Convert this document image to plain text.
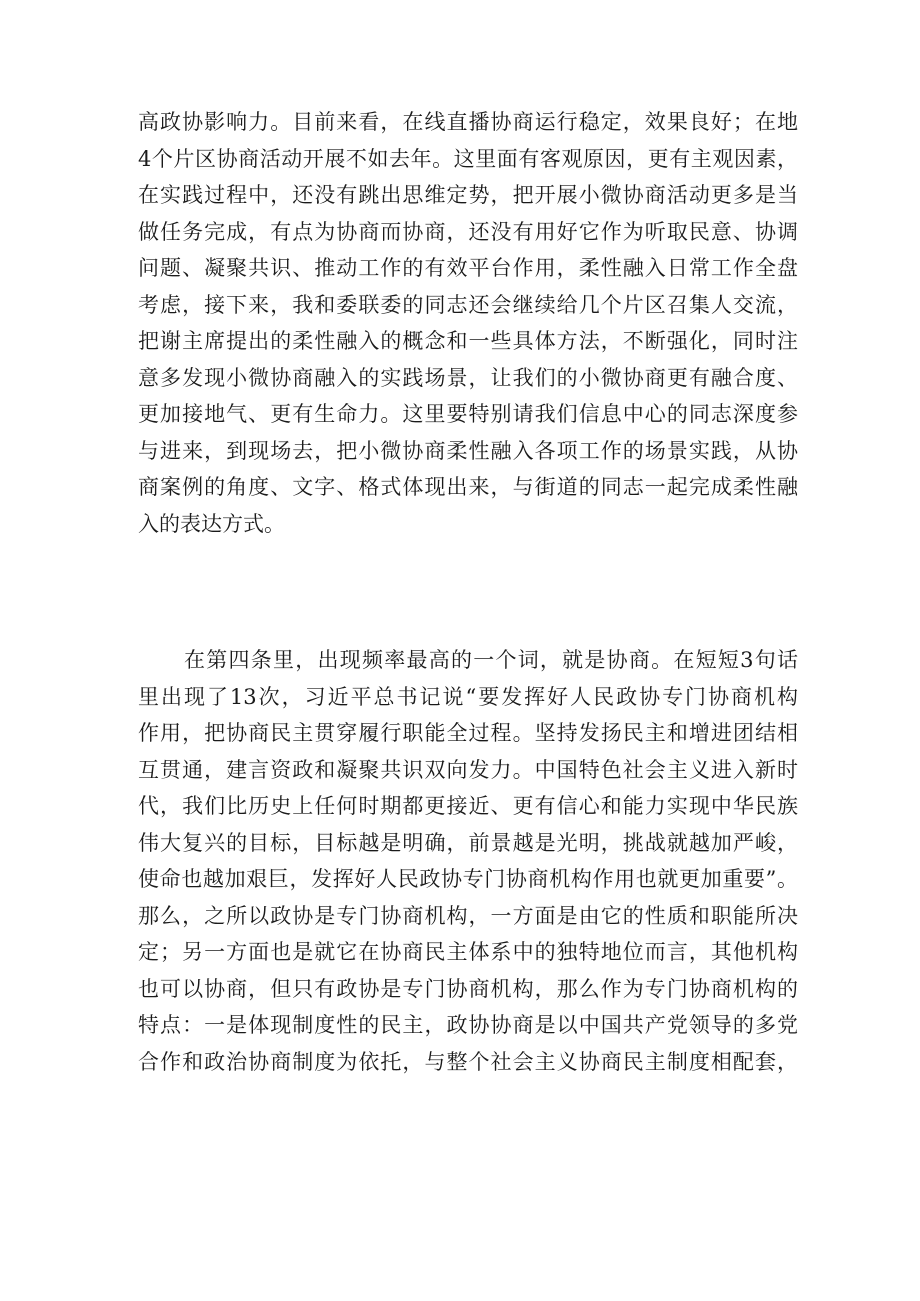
高政协影响力。目前来看，在线直播协商运行稳定，效果良好；在地
4个片区协商活动开展不如去年。这里面有客观原因，更有主观因素，
在实践过程中，还没有跳出思维定势，把开展小微协商活动更多是当
做任务完成，有点为协商而协商，还没有用好它作为听取民意、协调
问题、凝聚共识、推动工作的有效平台作用，柔性融入日常工作全盘
考虑，接下来，我和委联委的同志还会继续给几个片区召集人交流，
把谢主席提出的柔性融入的概念和一些具体方法，不断强化，同时注
意多发现小微协商融入的实践场景，让我们的小微协商更有融合度、
更加接地气、更有生命力。这里要特别请我们信息中心的同志深度参
与进来，到现场去，把小微协商柔性融入各项工作的场景实践，从协
商案例的角度、文字、格式体现出来，与街道的同志一起完成柔性融
入的表达方式。

在第四条里，出现频率最高的一个词，就是协商。在短短3句话
里出现了13次，习近平总书记说“要发挥好人民政协专门协商机构
作用，把协商民主贯穿履行职能全过程。坚持发扬民主和增进团结相
互贯通，建言资政和凝聚共识双向发力。中国特色社会主义进入新时
代，我们比历史上任何时期都更接近、更有信心和能力实现中华民族
伟大复兴的目标，目标越是明确，前景越是光明，挑战就越加严峻，
使命也越加艰巨，发挥好人民政协专门协商机构作用也就更加重要”。
那么，之所以政协是专门协商机构，一方面是由它的性质和职能所决
定；另一方面也是就它在协商民主体系中的独特地位而言，其他机构
也可以协商，但只有政协是专门协商机构，那么作为专门协商机构的
特点：一是体现制度性的民主，政协协商是以中国共产党领导的多党
合作和政治协商制度为依托，与整个社会主义协商民主制度相配套，
